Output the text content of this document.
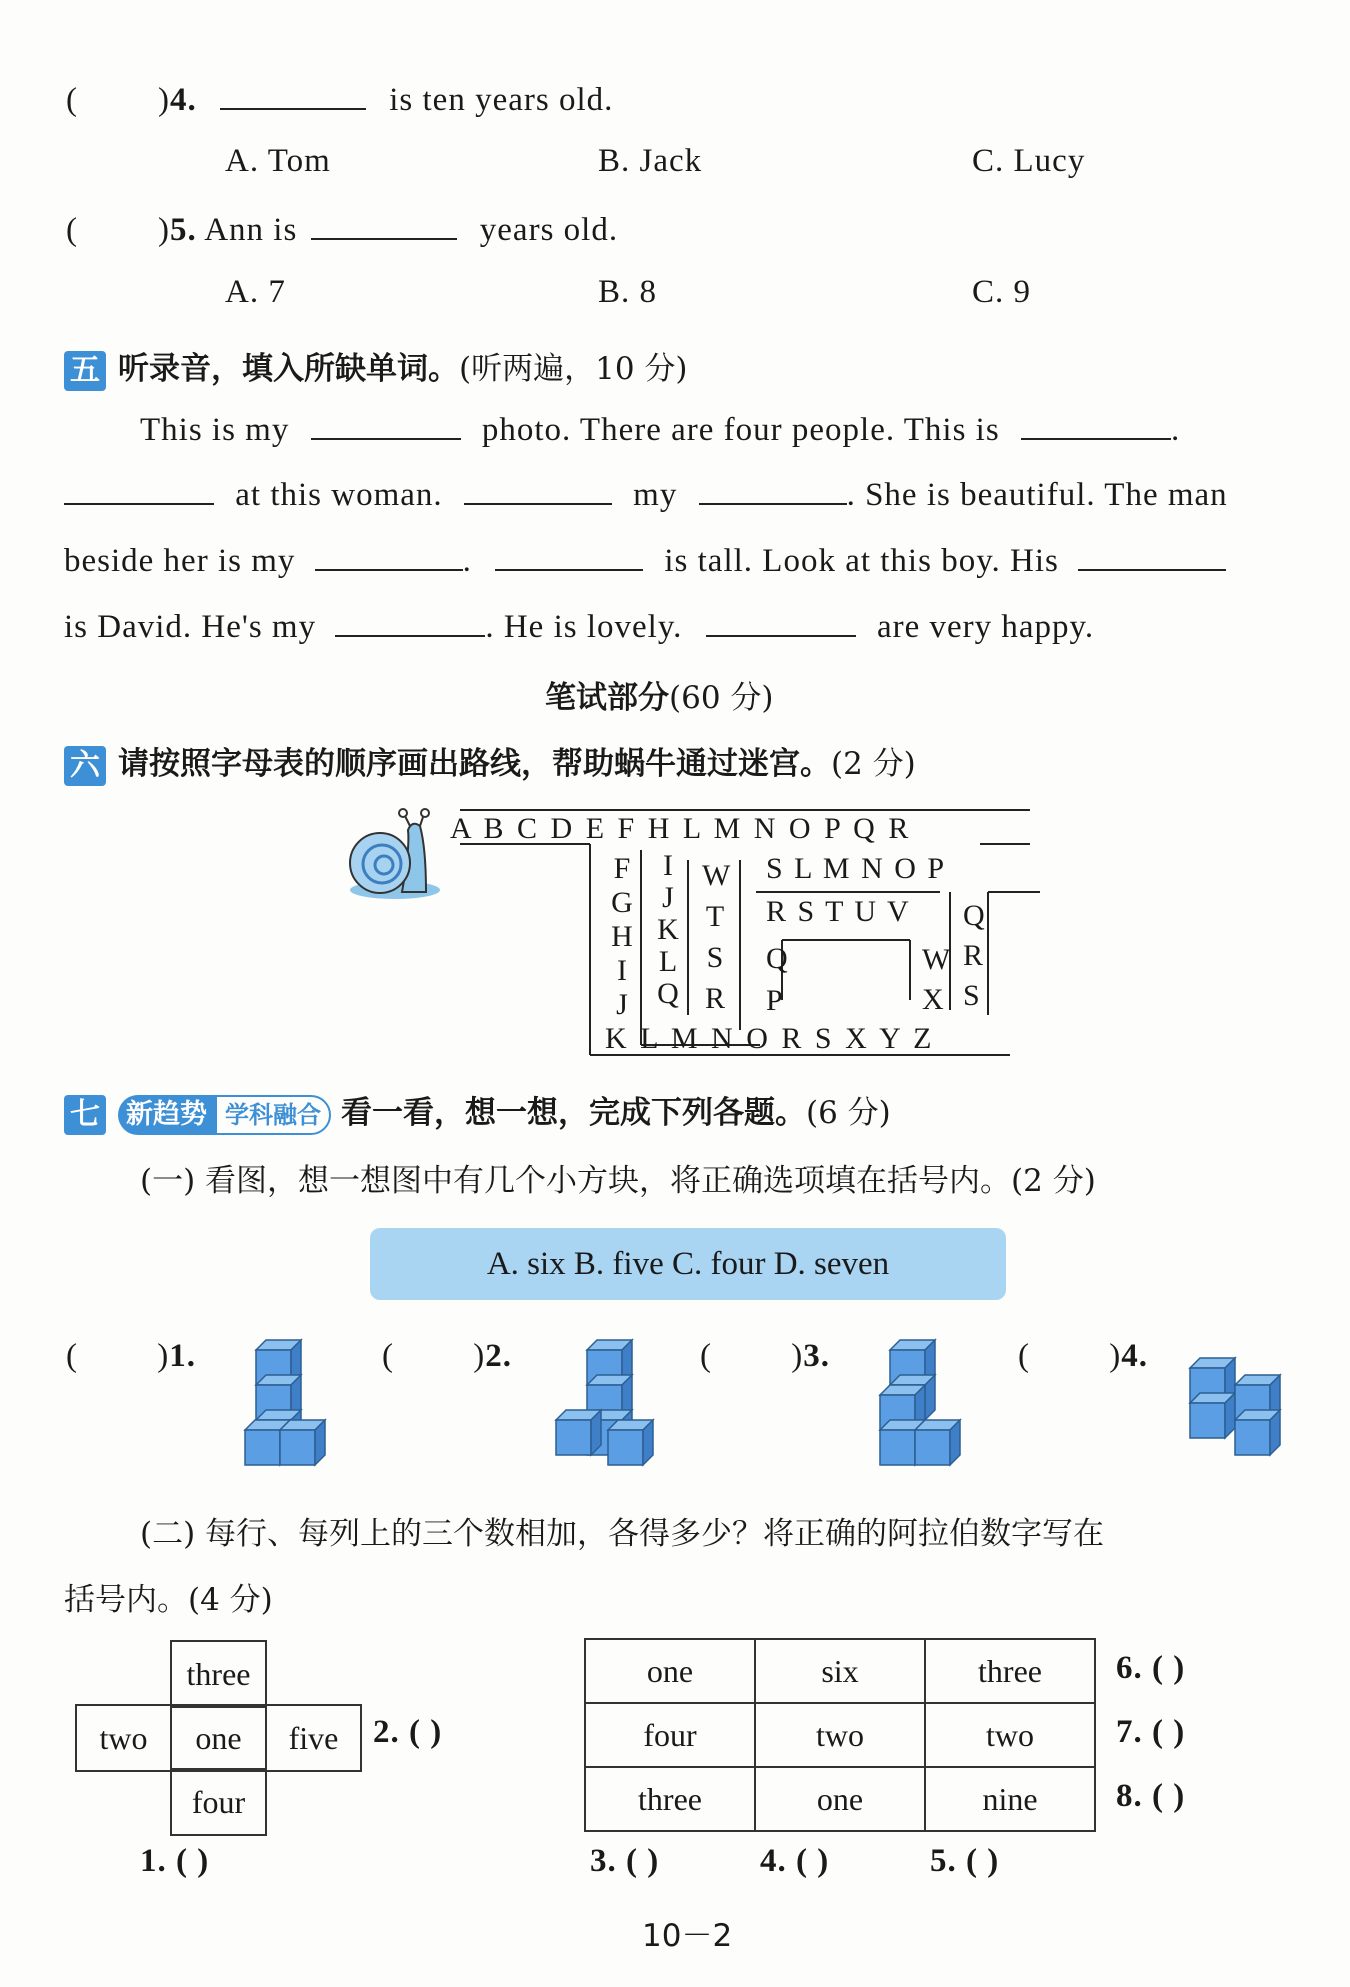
( )4.	is ten years old.
A. Tom	B. Jack	C. Lucy
( )5. Ann is	years old.
A. 7	B. 8	C. 9
五 听录音，填入所缺单词。(听两遍，10 分)
This is my	photo. There are four people. This is	.
at this woman.	my	. She is beautiful. The man
beside her is my	.	is tall. Look at this boy. His
is David. He's my	. He is lovely.	are very happy.
笔试部分(60 分)
六 请按照字母表的顺序画出路线，帮助蜗牛通过迷宫。(2 分)
A B C D E F H L M N O P Q R
F
G
H
I
J
I
J
K
L
Q
W
T
S
R
S L M N O P
R S T U V
Q
P
W
X
Q
R
S
K L M N O R S X Y Z
七 新趋势 学科融合 看一看，想一想，完成下列各题。(6 分)
(一) 看图，想一想图中有几个小方块，将正确选项填在括号内。(2 分)
A. six B. five C. four D. seven
( )1.	( )2.	( )3.	( )4.
(二) 每行、每列上的三个数相加，各得多少？将正确的阿拉伯数字写在
括号内。(4 分)
three
two	one	five
four
2. ( )
1. ( )
one	six	three
four	two	two
three	one	nine
6. ( )
7. ( )
8. ( )
3. ( )	4. ( )	5. ( )
10－2
